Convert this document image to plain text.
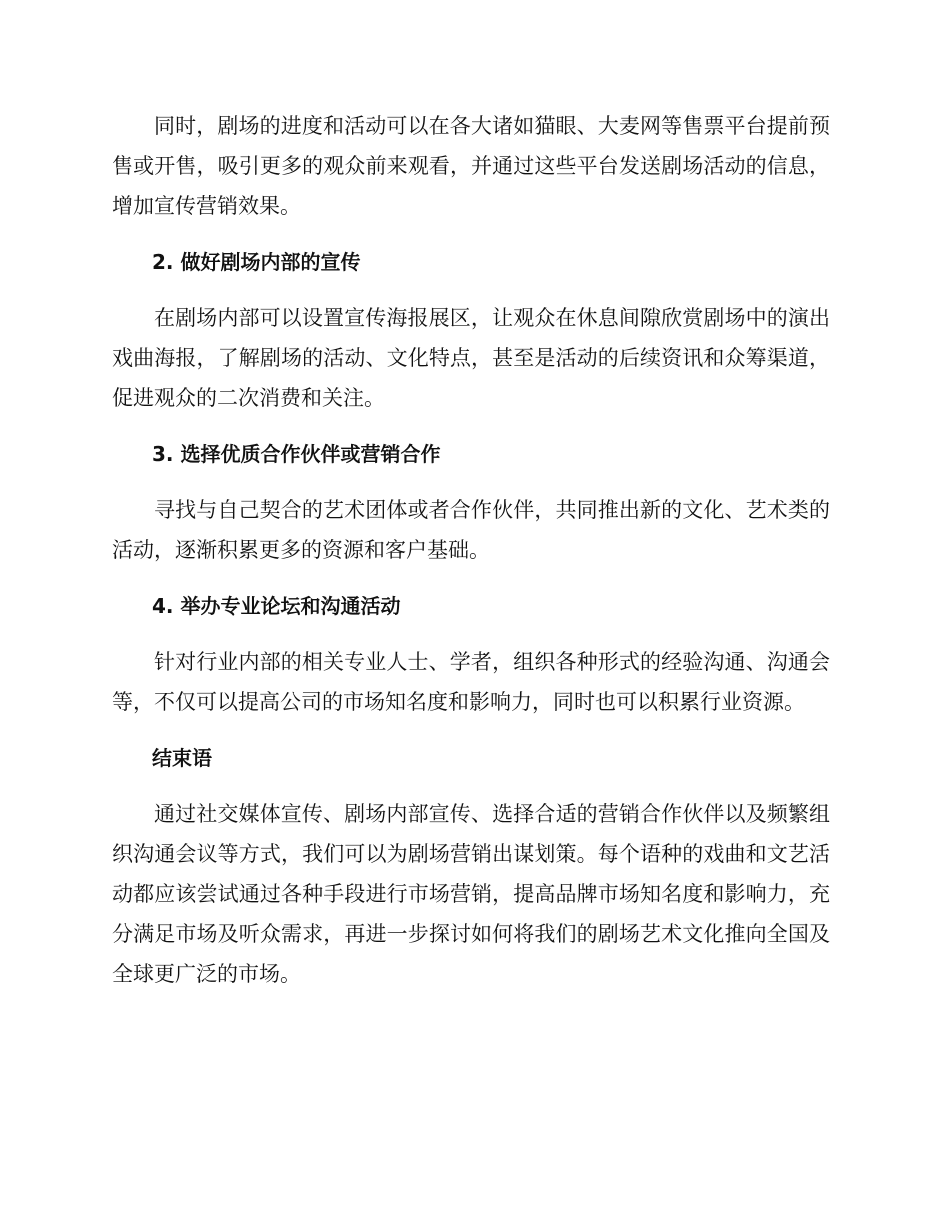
同时，剧场的进度和活动可以在各大诸如猫眼、大麦网等售票平台提前预售或开售，吸引更多的观众前来观看，并通过这些平台发送剧场活动的信息，增加宣传营销效果。

2. 做好剧场内部的宣传

在剧场内部可以设置宣传海报展区，让观众在休息间隙欣赏剧场中的演出戏曲海报，了解剧场的活动、文化特点，甚至是活动的后续资讯和众筹渠道，促进观众的二次消费和关注。

3. 选择优质合作伙伴或营销合作

寻找与自己契合的艺术团体或者合作伙伴，共同推出新的文化、艺术类的活动，逐渐积累更多的资源和客户基础。

4. 举办专业论坛和沟通活动

针对行业内部的相关专业人士、学者，组织各种形式的经验沟通、沟通会等，不仅可以提高公司的市场知名度和影响力，同时也可以积累行业资源。

结束语

通过社交媒体宣传、剧场内部宣传、选择合适的营销合作伙伴以及频繁组织沟通会议等方式，我们可以为剧场营销出谋划策。每个语种的戏曲和文艺活动都应该尝试通过各种手段进行市场营销，提高品牌市场知名度和影响力，充分满足市场及听众需求，再进一步探讨如何将我们的剧场艺术文化推向全国及全球更广泛的市场。
